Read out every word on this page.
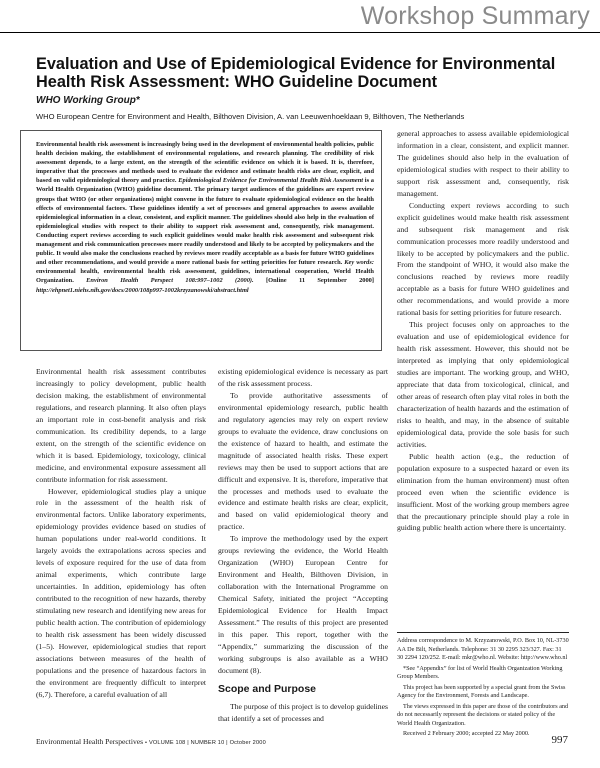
Workshop Summary
Evaluation and Use of Epidemiological Evidence for Environmental Health Risk Assessment: WHO Guideline Document
WHO Working Group*
WHO European Centre for Environment and Health, Bilthoven Division, A. van Leeuwenhoeklaan 9, Bilthoven, The Netherlands

Environmental health risk assessment is increasingly being used in the development of environmental health policies, public health decision making, the establishment of environmental regulations, and research planning. The credibility of risk assessment depends, to a large extent, on the strength of the scientific evidence on which it is based. It is, therefore, imperative that the processes and methods used to evaluate the evidence and estimate health risks are clear, explicit, and based on valid epidemiological theory and practice. Epidemiological Evidence for Environmental Health Risk Assessment is a World Health Organization (WHO) guideline document. The primary target audiences of the guidelines are expert review groups that WHO (or other organizations) might convene in the future to evaluate epidemiological evidence on the health effects of environmental factors. These guidelines identify a set of processes and general approaches to assess available epidemiological information in a clear, consistent, and explicit manner. The guidelines should also help in the evaluation of epidemiological studies with respect to their ability to support risk assessment and, consequently, risk management. Conducting expert reviews according to such explicit guidelines would make health risk assessment and subsequent risk management and risk communication processes more readily understood and likely to be accepted by policymakers and the public. It would also make the conclusions reached by reviews more readily acceptable as a basis for future WHO guidelines and other recommendations, and would provide a more rational basis for setting priorities for future research. Key words: environmental health, environmental health risk assessment, guidelines, international cooperation, World Health Organization. Environ Health Perspect 108:997–1002 (2000). [Online 11 September 2000] http://ehpnet1.niehs.nih.gov/docs/2000/108p997-1002krzyzanowski/abstract.html

Environmental health risk assessment contributes increasingly to policy development, public health decision making, the establishment of environmental regulations, and research planning. It also often plays an important role in cost-benefit analysis and risk communication. Its credibility depends, to a large extent, on the strength of the scientific evidence on which it is based. Epidemiology, toxicology, clinical medicine, and environmental exposure assessment all contribute information for risk assessment.

However, epidemiological studies play a unique role in the assessment of the health risk of environmental factors. Unlike laboratory experiments, epidemiology provides evidence based on studies of human populations under real-world conditions. It largely avoids the extrapolations across species and levels of exposure required for the use of data from animal experiments, which contribute large uncertainties. In addition, epidemiology has often contributed to the recognition of new hazards, thereby stimulating new research and identifying new areas for public health action. The contribution of epidemiology to health risk assessment has been widely discussed (1–5). However, epidemiological studies that report associations between measures of the health of populations and the presence of hazardous factors in the environment are frequently difficult to interpret (6,7). Therefore, a careful evaluation of all

existing epidemiological evidence is necessary as part of the risk assessment process.

To provide authoritative assessments of environmental epidemiology research, public health and regulatory agencies may rely on expert review groups to evaluate the evidence, draw conclusions on the existence of hazard to health, and estimate the magnitude of associated health risks. These expert reviews may then be used to support actions that are difficult and expensive. It is, therefore, imperative that the processes and methods used to evaluate the evidence and estimate health risks are clear, explicit, and based on valid epidemiological theory and practice.

To improve the methodology used by the expert groups reviewing the evidence, the World Health Organization (WHO) European Centre for Environment and Health, Bilthoven Division, in collaboration with the International Programme on Chemical Safety, initiated the project “Accepting Epidemiological Evidence for Health Impact Assessment.” The results of this project are presented in this paper. This report, together with the “Appendix,” summarizing the discussion of the working subgroups is also available as a WHO document (8).

Scope and Purpose

The purpose of this project is to develop guidelines that identify a set of processes and

general approaches to assess available epidemiological information in a clear, consistent, and explicit manner. The guidelines should also help in the evaluation of epidemiological studies with respect to their ability to support risk assessment and, consequently, risk management.

Conducting expert reviews according to such explicit guidelines would make health risk assessment and subsequent risk management and risk communication processes more readily understood and likely to be accepted by policymakers and the public. From the standpoint of WHO, it would also make the conclusions reached by reviews more readily acceptable as a basis for future WHO guidelines and other recommendations, and would provide a more rational basis for setting priorities for future research.

This project focuses only on approaches to the evaluation and use of epidemiological evidence for health risk assessment. However, this should not be interpreted as implying that only epidemiological studies are important. The working group, and WHO, appreciate that data from toxicological, clinical, and other areas of research often play vital roles in both the characterization of health hazards and the estimation of risks to health, and may, in the absence of suitable epidemiological data, provide the sole basis for such activities.

Public health action (e.g., the reduction of population exposure to a suspected hazard or even its elimination from the human environment) must often proceed even when the scientific evidence is insufficient. Most of the working group members agree that the precautionary principle should play a role in guiding public health action where there is uncertainty.

Address correspondence to M. Krzyzanowski, P.O. Box 10, NL-3730 AA De Bilt, Netherlands. Telephone: 31 30 2295 323/327. Fax: 31 30 2294 120/252. E-mail: mkr@who.nl. Website: http://www.who.nl

*See “Appendix” for list of World Health Organization Working Group Members.

This project has been supported by a special grant from the Swiss Agency for the Environment, Forests and Landscape.

The views expressed in this paper are those of the contributors and do not necessarily represent the decisions or stated policy of the World Health Organization.

Received 2 February 2000; accepted 22 May 2000.

Environmental Health Perspectives • VOLUME 108 | NUMBER 10 | October 2000	997
